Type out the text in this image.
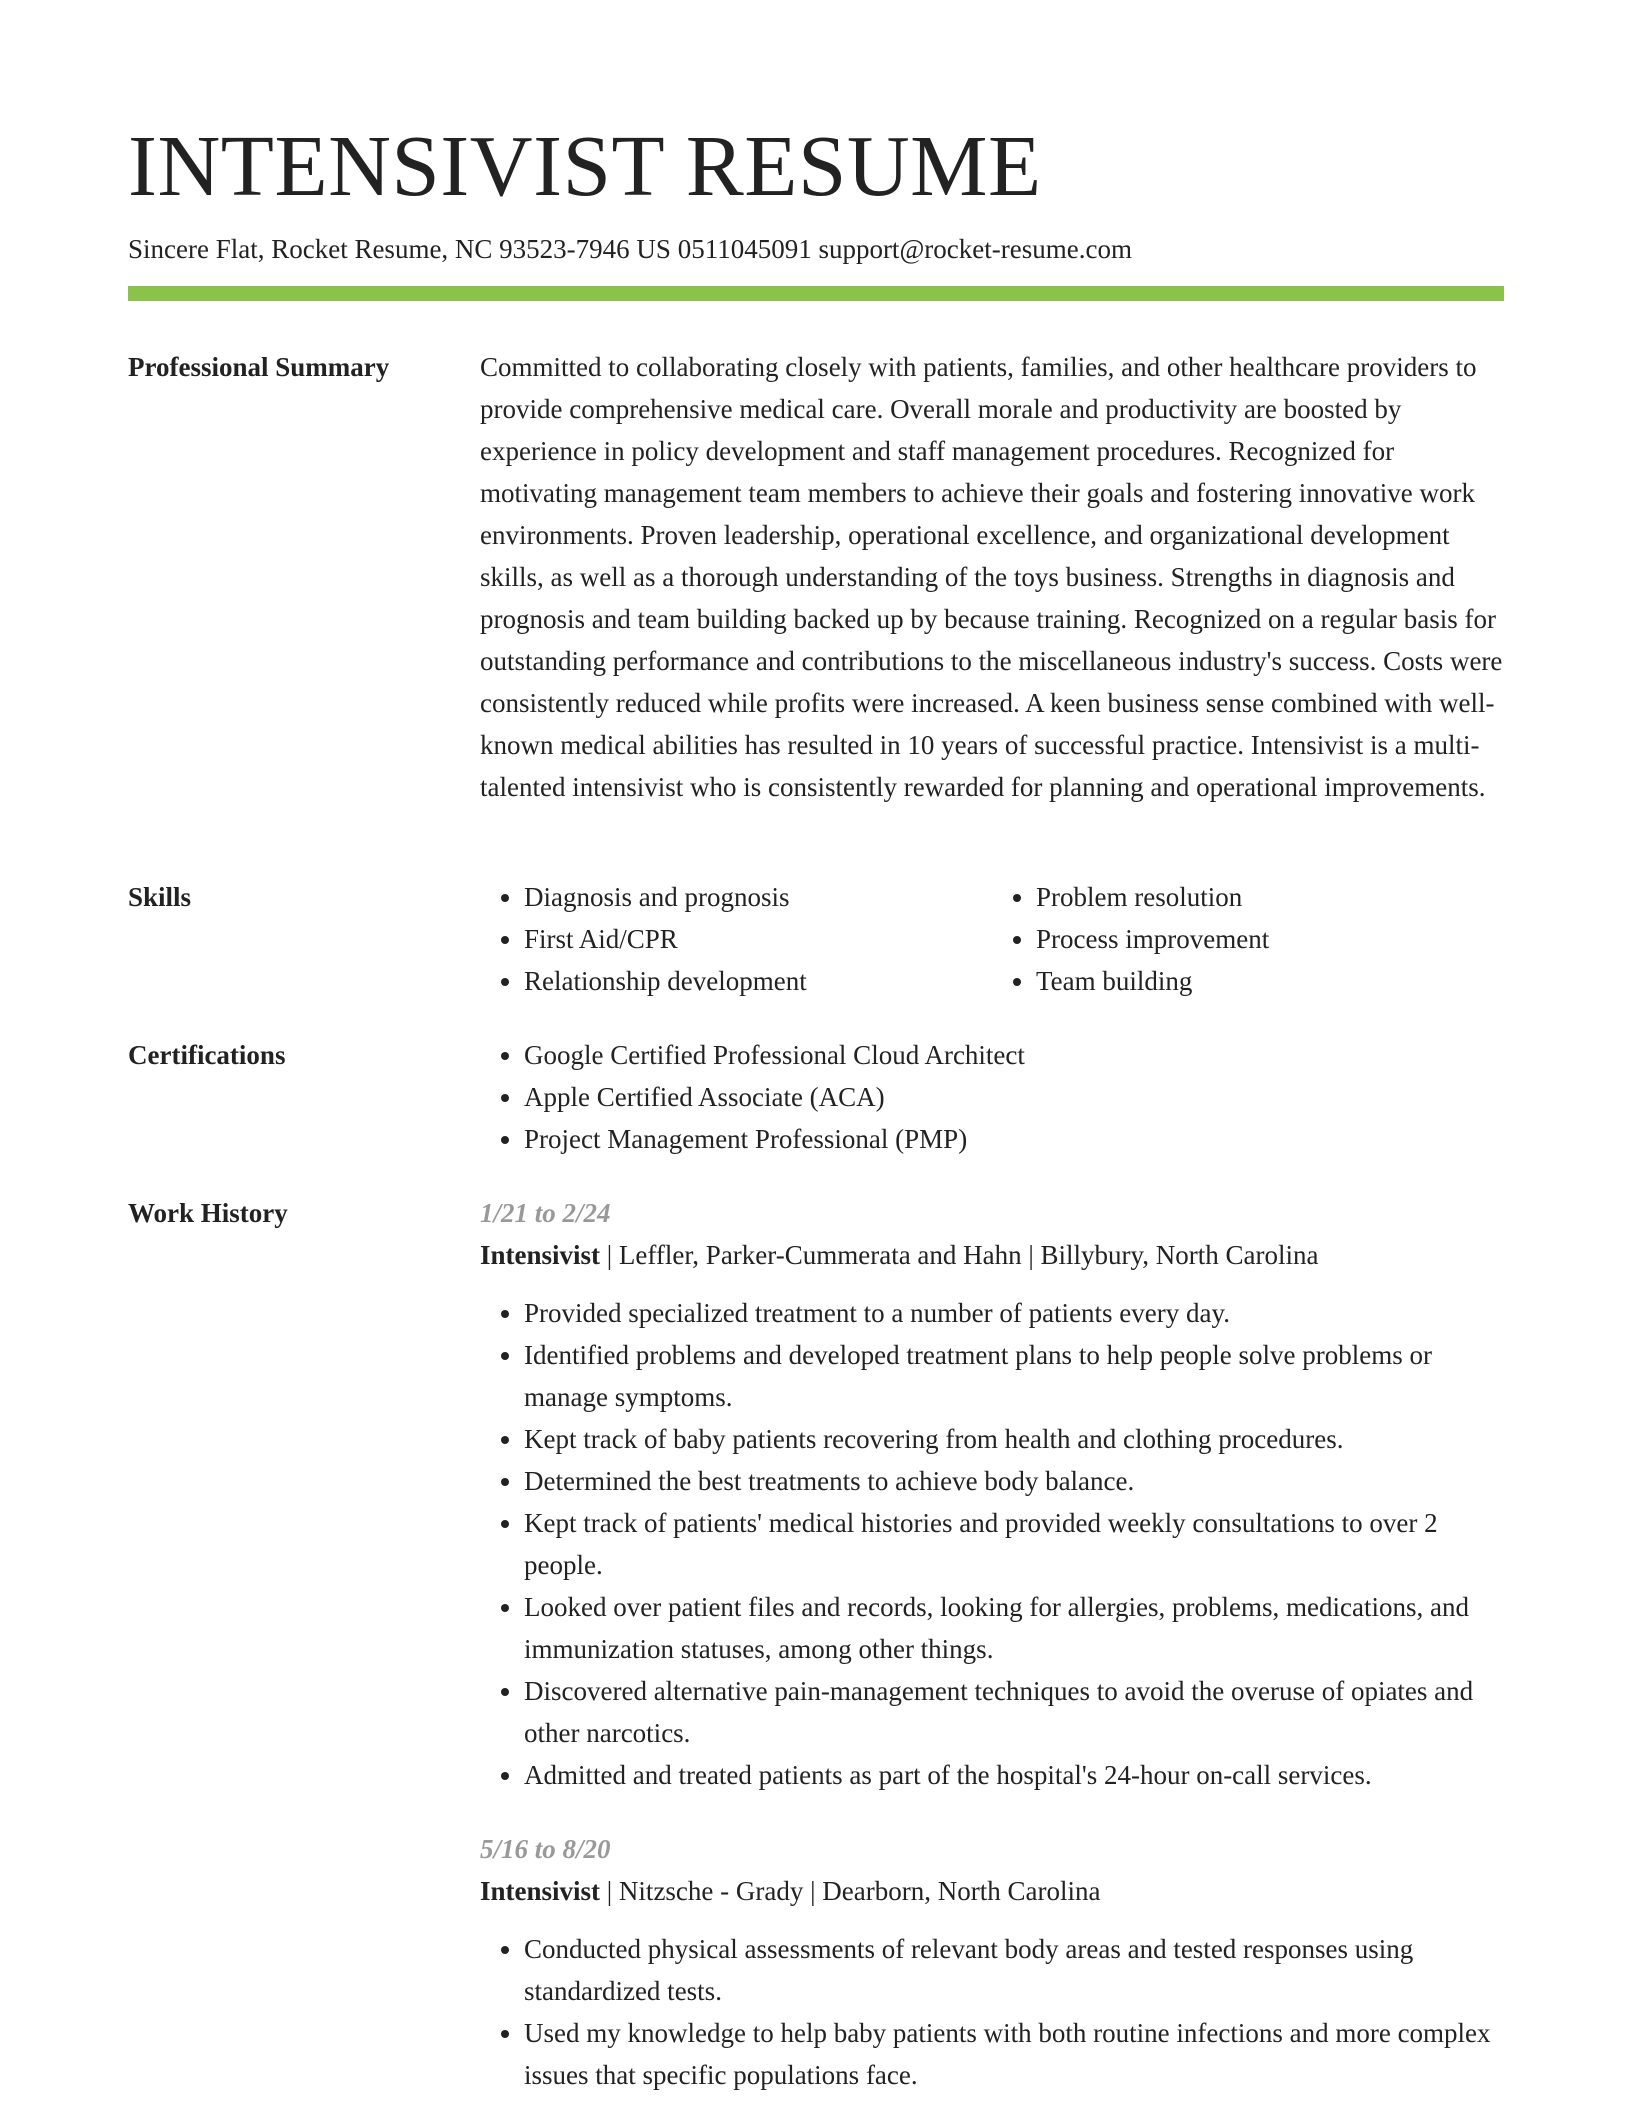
INTENSIVIST RESUME
Sincere Flat, Rocket Resume, NC 93523-7946 US 0511045091 support@rocket-resume.com
Professional Summary	Committed to collaborating closely with patients, families, and other healthcare providers to provide comprehensive medical care. Overall morale and productivity are boosted by experience in policy development and staff management procedures. Recognized for motivating management team members to achieve their goals and fostering innovative work environments. Proven leadership, operational excellence, and organizational development skills, as well as a thorough understanding of the toys business. Strengths in diagnosis and prognosis and team building backed up by because training. Recognized on a regular basis for outstanding performance and contributions to the miscellaneous industry's success. Costs were consistently reduced while profits were increased. A keen business sense combined with well-known medical abilities has resulted in 10 years of successful practice. Intensivist is a multi-talented intensivist who is consistently rewarded for planning and operational improvements.

Skills	• Diagnosis and prognosis
• First Aid/CPR
• Relationship development
• Problem resolution
• Process improvement
• Team building
Certifications	• Google Certified Professional Cloud Architect
• Apple Certified Associate (ACA)
• Project Management Professional (PMP)
Work History	1/21 to 2/24

Intensivist | Leffler, Parker-Cummerata and Hahn | Billybury, North Carolina

• Provided specialized treatment to a number of patients every day.
• Identified problems and developed treatment plans to help people solve problems or manage symptoms.
• Kept track of baby patients recovering from health and clothing procedures.
• Determined the best treatments to achieve body balance.
• Kept track of patients' medical histories and provided weekly consultations to over 2 people.
• Looked over patient files and records, looking for allergies, problems, medications, and immunization statuses, among other things.
• Discovered alternative pain-management techniques to avoid the overuse of opiates and other narcotics.
• Admitted and treated patients as part of the hospital's 24-hour on-call services.
5/16 to 8/20

Intensivist | Nitzsche - Grady | Dearborn, North Carolina

• Conducted physical assessments of relevant body areas and tested responses using standardized tests.
• Used my knowledge to help baby patients with both routine infections and more complex issues that specific populations face.
